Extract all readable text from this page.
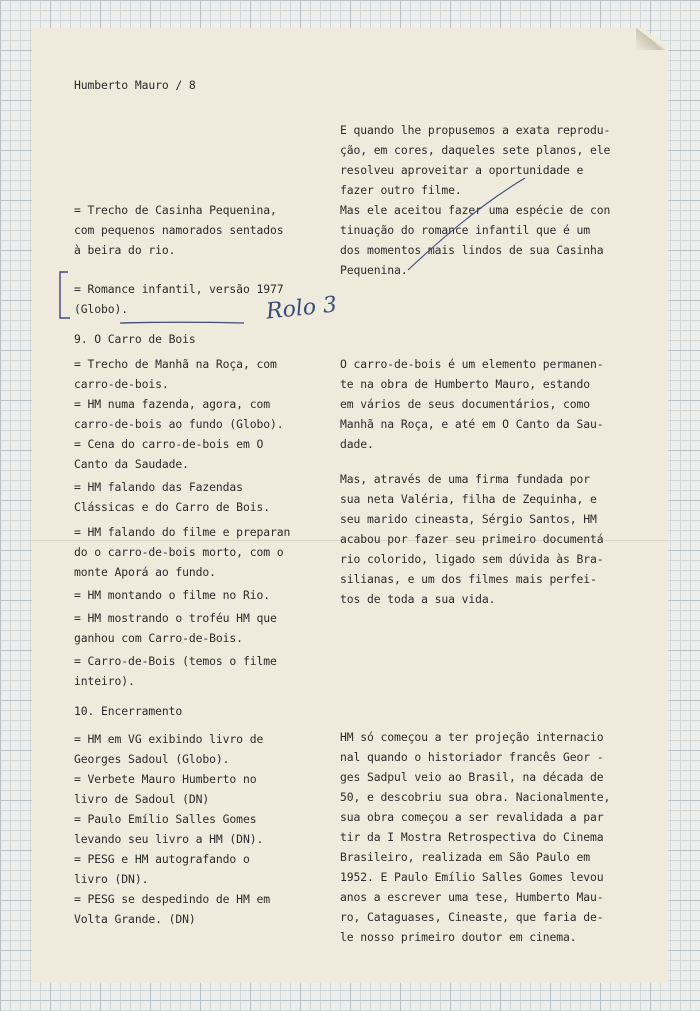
Humberto Mauro / 8

E quando lhe propusemos a exata reprodu-

ção, em cores, daqueles sete planos, ele

resolveu aproveitar a oportunidade e

fazer outro filme.

Mas ele aceitou fazer uma espécie de con

tinuação do romance infantil que é um

dos momentos mais lindos de sua Casinha

Pequenina.

O carro-de-bois é um elemento permanen-

te na obra de Humberto Mauro, estando

em vários de seus documentários, como

Manhã na Roça, e até em O Canto da Sau-

dade.

Mas, através de uma firma fundada por

sua neta Valéria, filha de Zequinha, e

seu marido cineasta, Sérgio Santos, HM

acabou por fazer seu primeiro documentá

rio colorido, ligado sem dúvida às Bra-

silianas, e um dos filmes mais perfei-

tos de toda a sua vida.

HM só começou a ter projeção internacio

nal quando o historiador francês Geor -

ges Sadpul veio ao Brasil, na década de

50, e descobriu sua obra. Nacionalmente,

sua obra começou a ser revalidada a par

tir da I Mostra Retrospectiva do Cinema

Brasileiro, realizada em São Paulo em

1952. E Paulo Emílio Salles Gomes levou

anos a escrever uma tese, Humberto Mau-

ro, Cataguases, Cineaste, que faria de-

le nosso primeiro doutor em cinema.

= Trecho de Casinha Pequenina,

com pequenos namorados sentados

à beira do rio.

= Romance infantil, versão 1977

(Globo).

9. O Carro de Bois

= Trecho de Manhã na Roça, com

carro-de-bois.

= HM numa fazenda, agora, com

carro-de-bois ao fundo (Globo).

= Cena do carro-de-bois em O

Canto da Saudade.

= HM falando das Fazendas

Clássicas e do Carro de Bois.

= HM falando do filme e preparan

do o carro-de-bois morto, com o

monte Aporá ao fundo.

= HM montando o filme no Rio.

= HM mostrando o troféu HM que

ganhou com Carro-de-Bois.

= Carro-de-Bois (temos o filme

inteiro).

10. Encerramento

= HM em VG exibindo livro de

Georges Sadoul (Globo).

= Verbete Mauro Humberto no

livro de Sadoul (DN)

= Paulo Emílio Salles Gomes

levando seu livro a HM (DN).

= PESG e HM autografando o

livro (DN).

= PESG se despedindo de HM em

Volta Grande. (DN)

Rolo 3
